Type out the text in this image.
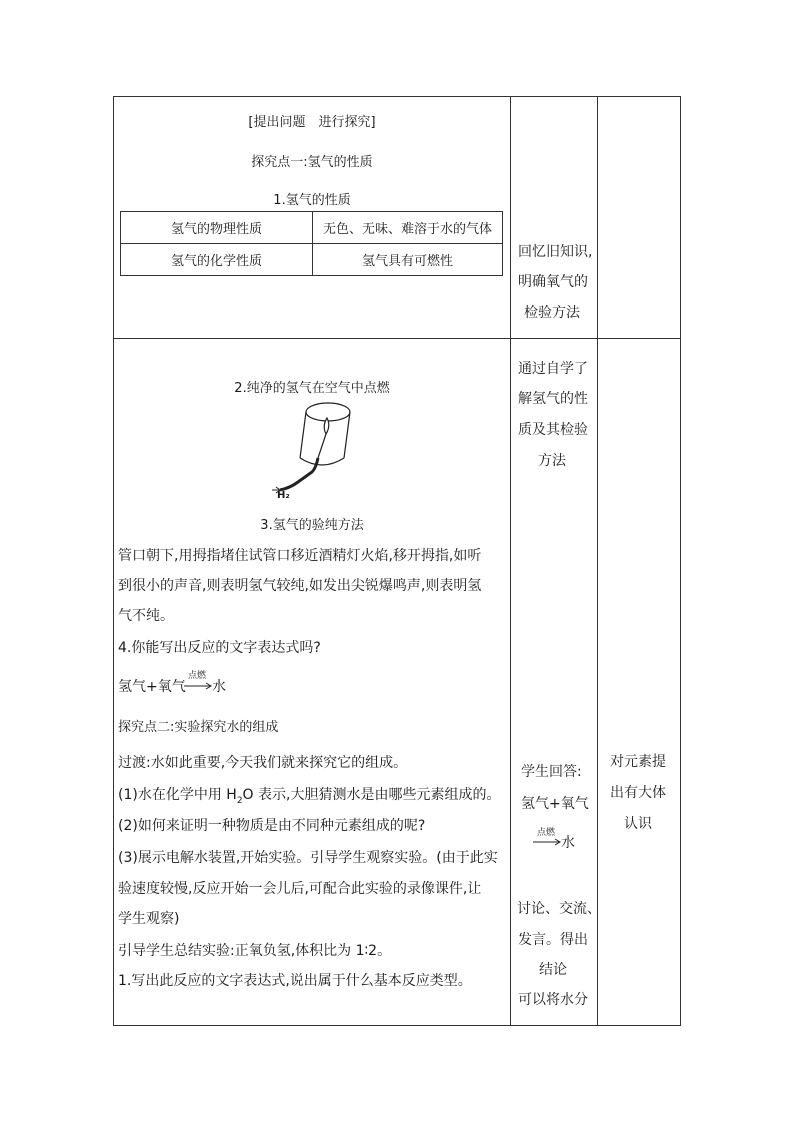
[提出问题　进行探究]
探究点一:氢气的性质
1.氢气的性质
氢气的物理性质	无色、无味、难溶于水的气体
氢气的化学性质	氢气具有可燃性
回忆旧知识,
明确氧气的
检验方法
2.纯净的氢气在空气中点燃
H₂
3.氢气的验纯方法
管口朝下,用拇指堵住试管口移近酒精灯火焰,移开拇指,如听
到很小的声音,则表明氢气较纯,如发出尖锐爆鸣声,则表明氢
气不纯。
4.你能写出反应的文字表达式吗?
氢气+氧气
点燃
水
探究点二:实验探究水的组成
过渡:水如此重要,今天我们就来探究它的组成。
(1)水在化学中用 $H_2O$ 表示,大胆猜测水是由哪些元素组成的。
(2)如何来证明一种物质是由不同种元素组成的呢?
(3)展示电解水装置,开始实验。引导学生观察实验。(由于此实
验速度较慢,反应开始一会儿后,可配合此实验的录像课件,让
学生观察)
引导学生总结实验:正氧负氢,体积比为 1∶2。
1.写出此反应的文字表达式,说出属于什么基本反应类型。
通过自学了
解氢气的性
质及其检验
方法
学生回答:
氢气+氧气
点燃
水
讨论、交流、
发言。得出
结论
可以将水分
对元素提
出有大体
认识
